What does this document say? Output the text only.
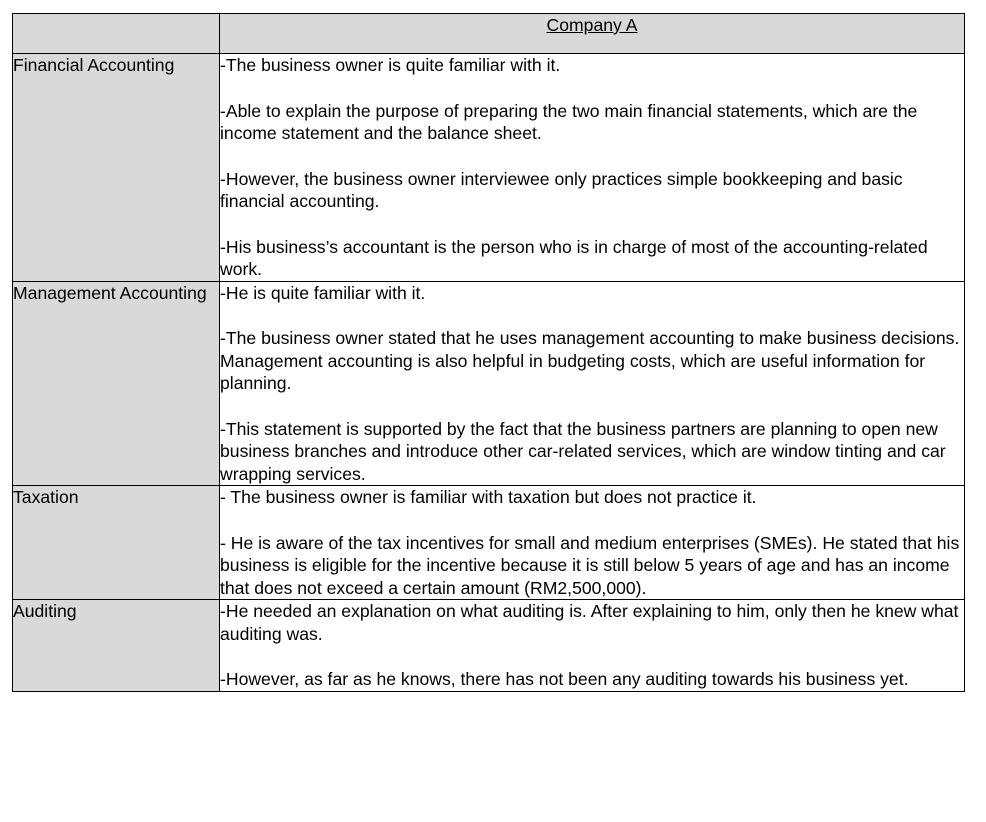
	Company A
Financial Accounting	-The business owner is quite familiar with it.

-Able to explain the purpose of preparing the two main financial statements, which are the income statement and the balance sheet.

-However, the business owner interviewee only practices simple bookkeeping and basic financial accounting.

-His business’s accountant is the person who is in charge of most of the accounting-related work.

Management Accounting	-He is quite familiar with it.

-The business owner stated that he uses management accounting to make business decisions. Management accounting is also helpful in budgeting costs, which are useful information for planning.

-This statement is supported by the fact that the business partners are planning to open new business branches and introduce other car-related services, which are window tinting and car wrapping services.

Taxation	- The business owner is familiar with taxation but does not practice it.

- He is aware of the tax incentives for small and medium enterprises (SMEs). He stated that his business is eligible for the incentive because it is still below 5 years of age and has an income that does not exceed a certain amount (RM2,500,000).

Auditing	-He needed an explanation on what auditing is. After explaining to him, only then he knew what auditing was.

-However, as far as he knows, there has not been any auditing towards his business yet.
